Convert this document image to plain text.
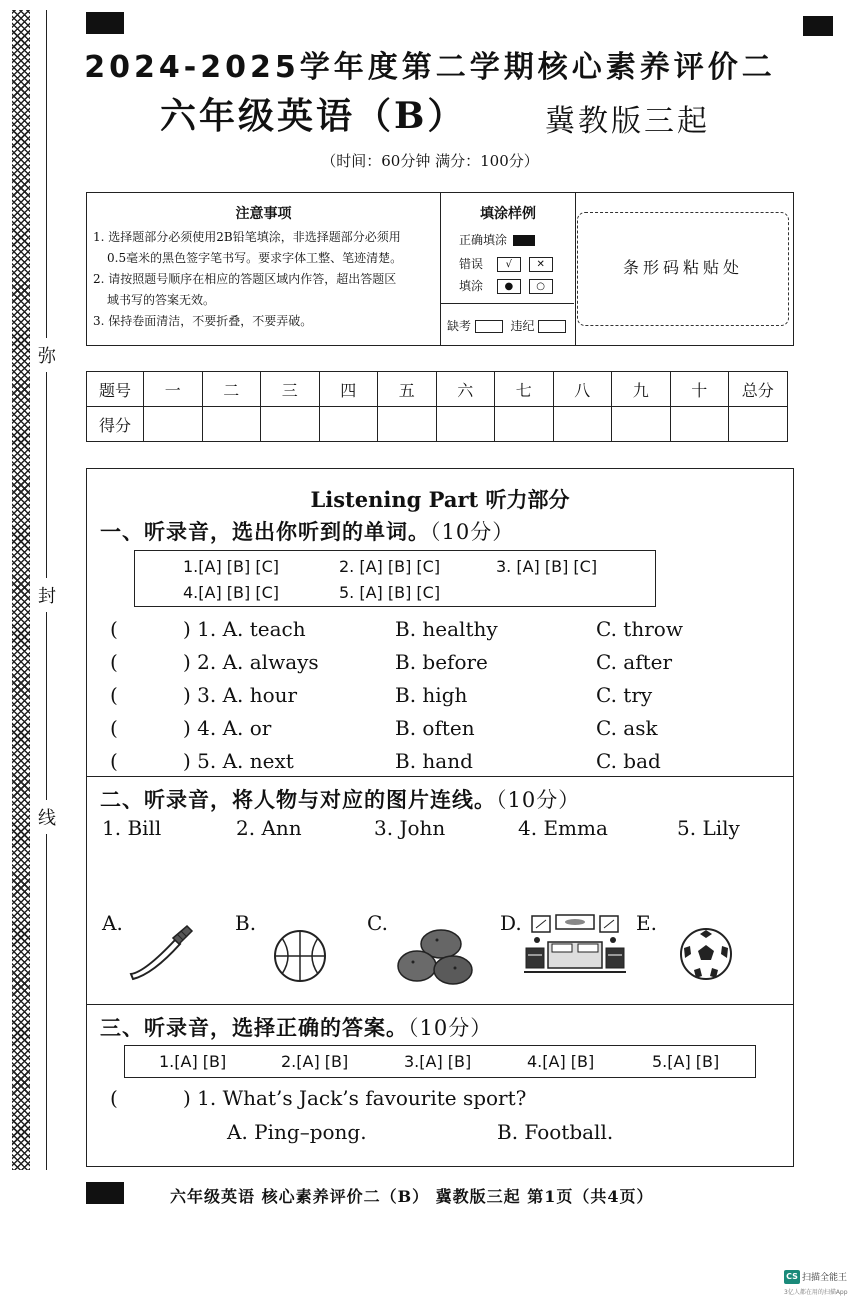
弥
封
线
2024-2025学年度第二学期核心素养评价二
六年级英语（B）	冀教版三起
（时间：60分钟 满分：100分）
注意事项
1. 选择题部分必须使用2B铅笔填涂，非选择题部分必须用
0.5毫米的黑色签字笔书写。要求字体工整、笔迹清楚。
2. 请按照题号顺序在相应的答题区域内作答，超出答题区
域书写的答案无效。
3. 保持卷面清洁，不要折叠，不要弄破。
填涂样例
正确填涂
错误 √ ✕
填涂 ● ○
缺考	违纪
条形码粘贴处
题号	一	二	三	四	五	六	七	八	九	十	总分
得分											
Listening Part 听力部分
一、听录音，选出你听到的单词。（10分）
1.[A] [B] [C]	2. [A] [B] [C]	3. [A] [B] [C]
4.[A] [B] [C]	5. [A] [B] [C]
(	) 1. A. teach	B. healthy	C. throw
(	) 2. A. always	B. before	C. after
(	) 3. A. hour	B. high	C. try
(	) 4. A. or	B. often	C. ask
(	) 5. A. next	B. hand	C. bad
二、听录音，将人物与对应的图片连线。（10分）
1. Bill	2. Ann	3. John	4. Emma	5. Lily
A.	B.	C.	D.	E.
三、听录音，选择正确的答案。（10分）
1.[A] [B]	2.[A] [B]	3.[A] [B]	4.[A] [B]	5.[A] [B]
(	) 1. What’s Jack’s favourite sport?
A. Ping–pong.	B. Football.
六年级英语 核心素养评价二（B） 冀教版三起 第1页（共4页）
CS 扫描全能王
3亿人都在用的扫描App
